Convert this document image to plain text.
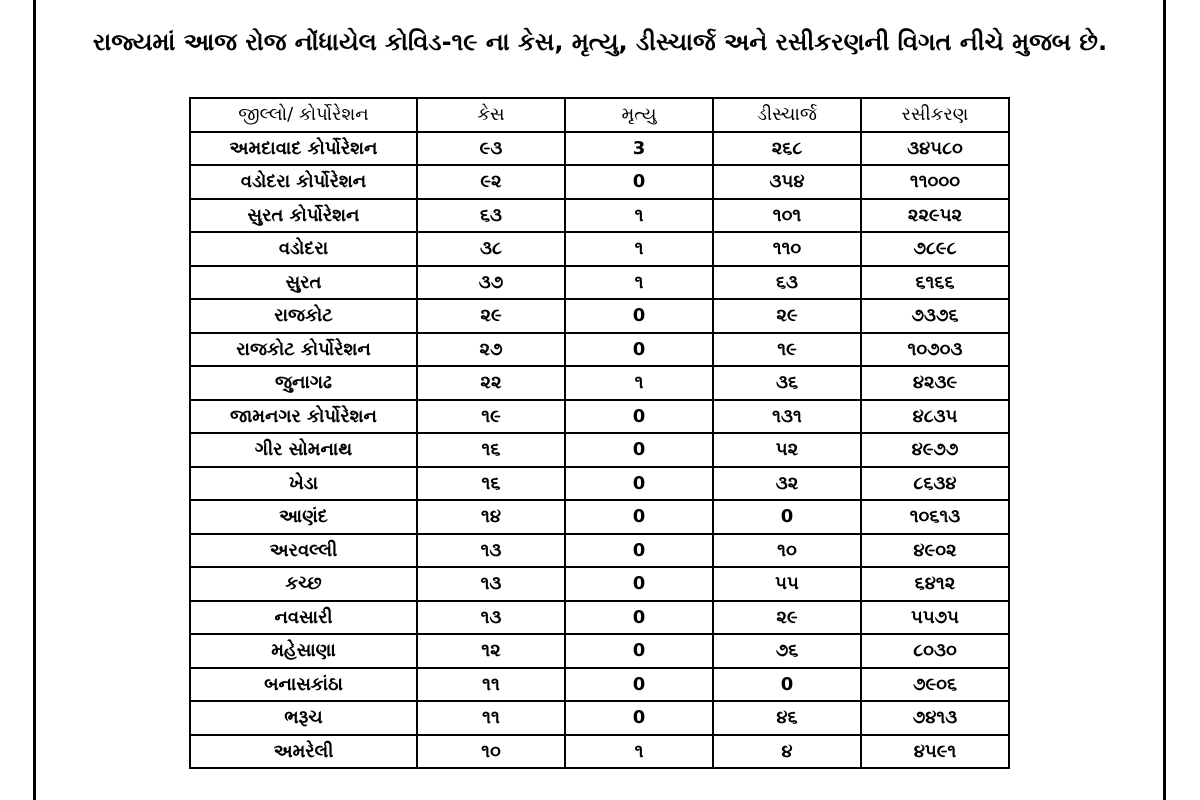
રાજ્યમાં આજ રોજ નોંધાયેલ કોવિડ-૧૯ ના કેસ, મૃત્યુ, ડીસ્ચાર્જ અને રસીકરણની વિગત નીચે મુજબ છે.
જીલ્લો/ કોર્પોરેશન	કેસ	મૃત્યુ	ડીસ્ચાર્જ	રસીકરણ
અમદાવાદ કોર્પોરેશન	૯૩	3	૨૬૮	૩૪૫૮૦
વડોદરા કોર્પોરેશન	૯૨	0	૩૫૪	૧૧૦૦૦
સુરત કોર્પોરેશન	૬૩	૧	૧૦૧	૨૨૯૫૨
વડોદરા	૩૮	૧	૧૧૦	૭૮૯૮
સુરત	૩૭	૧	૬૩	૬૧૬૬
રાજકોટ	૨૯	0	૨૯	૭૩૭૬
રાજકોટ કોર્પોરેશન	૨૭	0	૧૯	૧૦૭૦૩
જુનાગઢ	૨૨	૧	૩૬	૪૨૩૯
જામનગર કોર્પોરેશન	૧૯	0	૧૩૧	૪૮૩૫
ગીર સોમનાથ	૧૬	0	૫૨	૪૯૭૭
ખેડા	૧૬	0	૩૨	૮૬૩૪
આણંદ	૧૪	0	0	૧૦૬૧૩
અરવલ્લી	૧૩	0	૧૦	૪૯૦૨
કચ્છ	૧૩	0	૫૫	૬૪૧૨
નવસારી	૧૩	0	૨૯	૫૫૭૫
મહેસાણા	૧૨	0	૭૬	૮૦૩૦
બનાસકાંઠા	૧૧	0	0	૭૯૦૬
ભરૂચ	૧૧	0	૪૬	૭૪૧૩
અમરેલી	૧૦	૧	૪	૪૫૯૧
